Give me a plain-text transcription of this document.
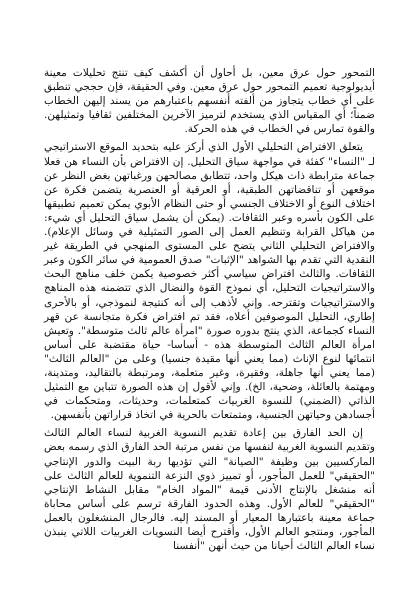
التمحور حول عرق معين، بل أحاول أن أكشف كيف تنتج تحليلات معينة أيديولوجية تعميم التمحور حول عرق معين. وفي الحقيقة، فإن حججي تنطبق على أي خطاب يتجاوز من ألفته أنفسهم باعتبارهم من يسند إليهن الخطاب ضمناً؛ أي المقياس الذي يستخدم لترميز الآخرين المختلفين ثقافيا وتمثيلهن. والقوة تمارس في الخطاب في هذه الحركة.

يتعلق الافتراض التحليلي الأول الذي أركز عليه بتحديد الموقع الاستراتيجي لـ "النساء" كفئة في مواجهة سياق التحليل. إن الافتراض بأن النساء هن فعلا جماعة مترابطة ذات هيكل واحد، تتطابق مصالحهن ورغباتهن بغض النظر عن موقعهن أو تناقضاتهن الطبقية، أو العرقية أو العنصرية يتضمن فكرة عن اختلاف النوع أو الاختلاف الجنسي أو حتى النظام الأبوي يمكن تعميم تطبيقها على الكون بأسره وعبر الثقافات. (يمكن أن يشمل سياق التحليل أي شيء: من هياكل القرابة وتنظيم العمل إلى الصور التمثيلية في وسائل الإعلام). والافتراض التحليلي الثاني يتضح على المستوى المنهجي في الطريقة غير النقدية التي تقدم بها الشواهد "الإثبات" صدق العمومية في سائر الكون وعبر الثقافات. والثالث افتراض سياسي أكثر خصوصية يكمن خلف مناهج البحث والاستراتيجيات التحليل، أي نموذج القوة والنضال الذي تتضمنه هذه المناهج والاستراتيجيات وتقترحه. وإني لأذهب إلى أنه كنتيجة لنموذجي، أو بالأحرى إطاري، التحليل الموصوفين أعلاه، فقد تم افتراض فكرة متجانسة عن قهر النساء كجماعة، الذي ينتج بدوره صورة "امرأة عالم ثالث متوسطة". وتعيش امرأة العالم الثالث المتوسطة هذه - أساسا- حياة مقتضبة على أساس انتمائها لنوع الإناث (مما يعني أنها مقيدة جنسيا) وعلى من "العالم الثالث" (مما يعني أنها جاهلة، وفقيرة، وغير متعلمة، ومرتبطة بالتقاليد، ومتدينة، ومهتمة بالعائلة، وضحية، الخ). وإني لأقول إن هذه الصورة تتباين مع التمثيل الذاتي (الضمني) للنسوة الغربيات كمتعلمات، وحديثات، ومتحكمات في أجسادهن وحياتهن الجنسية، ومتمتعات بالحرية في اتخاذ قراراتهن بأنفسهن.

إن الحد الفارق بين إعادة تقديم النسوية الغربية لنساء العالم الثالث وتقديم النسوية الغربية لنفسها من نفس مرتبة الحد الفارق الذي رسمه بعض الماركسيين بين وظيفة "الصيانة" التي تؤديها ربة البيت والدور الإنتاجي "الحقيقي" للعمل المأجور، أو تمييز ذوي النزعة التنموية للعالم الثالث على أنه منشغل بالإنتاج الأدنى قيمة "المواد الخام" مقابل النشاط الإنتاجي "الحقيقي" للعالم الأول. وهذه الحدود الفارقة ترسم على أساس محاباة جماعة معينة باعتبارها المعيار أو المسند إليه. فالرجال المنشغلون بالعمل المأجور، ومنتجو العالم الأول، وأقترح أيضا النسويات الغربيات اللاتي ينبذن نساء العالم الثالث أحيانا من حيث أنهن "أنفسنا
